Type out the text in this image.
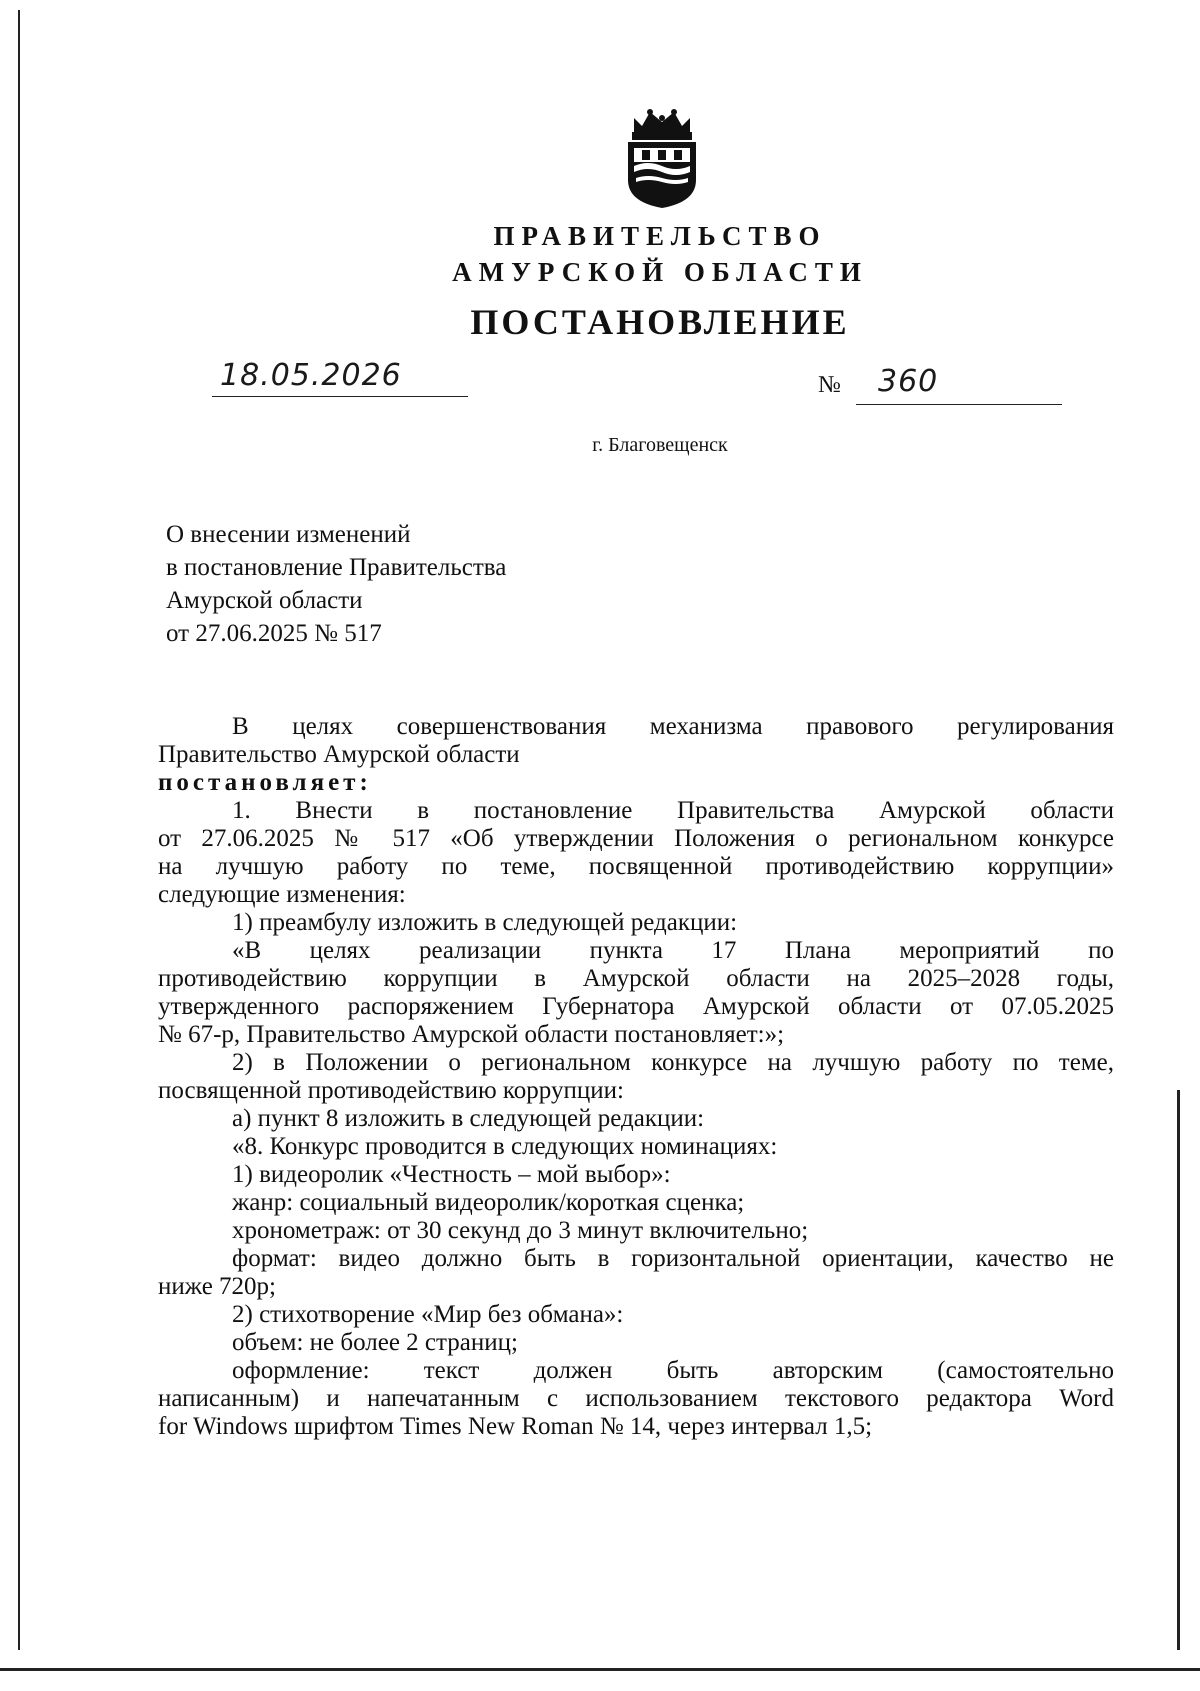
ПРАВИТЕЛЬСТВО
АМУРСКОЙ ОБЛАСТИ
ПОСТАНОВЛЕНИЕ
18.05.2026	№ 360
г. Благовещенск
О внесении изменений
в постановление Правительства
Амурской области
от 27.06.2025 № 517
В целях совершенствования механизма правового регулирования
Правительство Амурской области
постановляет:
1. Внести в постановление Правительства Амурской области
от 27.06.2025 № 517 «Об утверждении Положения о региональном конкурсе
на лучшую работу по теме, посвященной противодействию коррупции»
следующие изменения:
1) преамбулу изложить в следующей редакции:
«В целях реализации пункта 17 Плана мероприятий по
противодействию коррупции в Амурской области на 2025–2028 годы,
утвержденного распоряжением Губернатора Амурской области от 07.05.2025
№ 67-р, Правительство Амурской области постановляет:»;
2) в Положении о региональном конкурсе на лучшую работу по теме,
посвященной противодействию коррупции:
а) пункт 8 изложить в следующей редакции:
«8. Конкурс проводится в следующих номинациях:
1) видеоролик «Честность – мой выбор»:
жанр: социальный видеоролик/короткая сценка;
хронометраж: от 30 секунд до 3 минут включительно;
формат: видео должно быть в горизонтальной ориентации, качество не
ниже 720р;
2) стихотворение «Мир без обмана»:
объем: не более 2 страниц;
оформление: текст должен быть авторским (самостоятельно
написанным) и напечатанным с использованием текстового редактора Word
for Windows шрифтом Times New Roman № 14, через интервал 1,5;
